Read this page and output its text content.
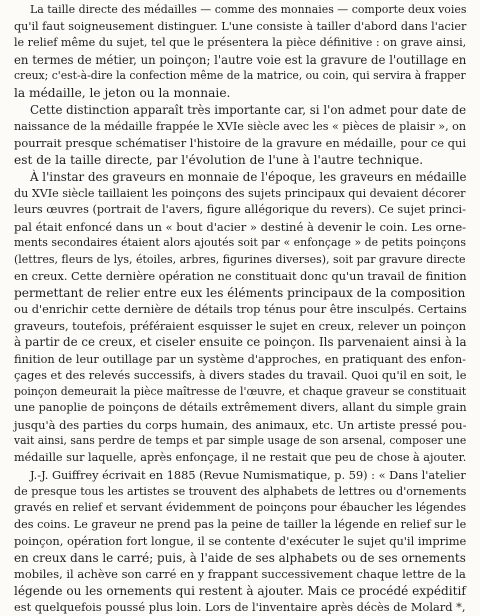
La taille directe des médailles — comme des monnaies — comporte deux voies
qu'il faut soigneusement distinguer. L'une consiste à tailler d'abord dans l'acier
le relief même du sujet, tel que le présentera la pièce définitive : on grave ainsi,
en termes de métier, un poinçon; l'autre voie est la gravure de l'outillage en
creux; c'est-à-dire la confection même de la matrice, ou coin, qui servira à frapper
la médaille, le jeton ou la monnaie.
Cette distinction apparaît très importante car, si l'on admet pour date de
naissance de la médaille frappée le XVIe siècle avec les « pièces de plaisir », on
pourrait presque schématiser l'histoire de la gravure en médaille, pour ce qui
est de la taille directe, par l'évolution de l'une à l'autre technique.
À l'instar des graveurs en monnaie de l'époque, les graveurs en médaille
du XVIe siècle taillaient les poinçons des sujets principaux qui devaient décorer
leurs œuvres (portrait de l'avers, figure allégorique du revers). Ce sujet princi-
pal était enfoncé dans un « bout d'acier » destiné à devenir le coin. Les orne-
ments secondaires étaient alors ajoutés soit par « enfonçage » de petits poinçons
(lettres, fleurs de lys, étoiles, arbres, figurines diverses), soit par gravure directe
en creux. Cette dernière opération ne constituait donc qu'un travail de finition
permettant de relier entre eux les éléments principaux de la composition
ou d'enrichir cette dernière de détails trop ténus pour être insculpés. Certains
graveurs, toutefois, préféraient esquisser le sujet en creux, relever un poinçon
à partir de ce creux, et ciseler ensuite ce poinçon. Ils parvenaient ainsi à la
finition de leur outillage par un système d'approches, en pratiquant des enfon-
çages et des relevés successifs, à divers stades du travail. Quoi qu'il en soit, le
poinçon demeurait la pièce maîtresse de l'œuvre, et chaque graveur se constituait
une panoplie de poinçons de détails extrêmement divers, allant du simple grain
jusqu'à des parties du corps humain, des animaux, etc. Un artiste pressé pou-
vait ainsi, sans perdre de temps et par simple usage de son arsenal, composer une
médaille sur laquelle, après enfonçage, il ne restait que peu de chose à ajouter.
J.-J. Guiffrey écrivait en 1885 (Revue Numismatique, p. 59) : « Dans l'atelier
de presque tous les artistes se trouvent des alphabets de lettres ou d'ornements
gravés en relief et servant évidemment de poinçons pour ébaucher les légendes
des coins. Le graveur ne prend pas la peine de tailler la légende en relief sur le
poinçon, opération fort longue, il se contente d'exécuter le sujet qu'il imprime
en creux dans le carré; puis, à l'aide de ses alphabets ou de ses ornements
mobiles, il achève son carré en y frappant successivement chaque lettre de la
légende ou les ornements qui restent à ajouter. Mais ce procédé expéditif
est quelquefois poussé plus loin. Lors de l'inventaire après décès de Molard *,
